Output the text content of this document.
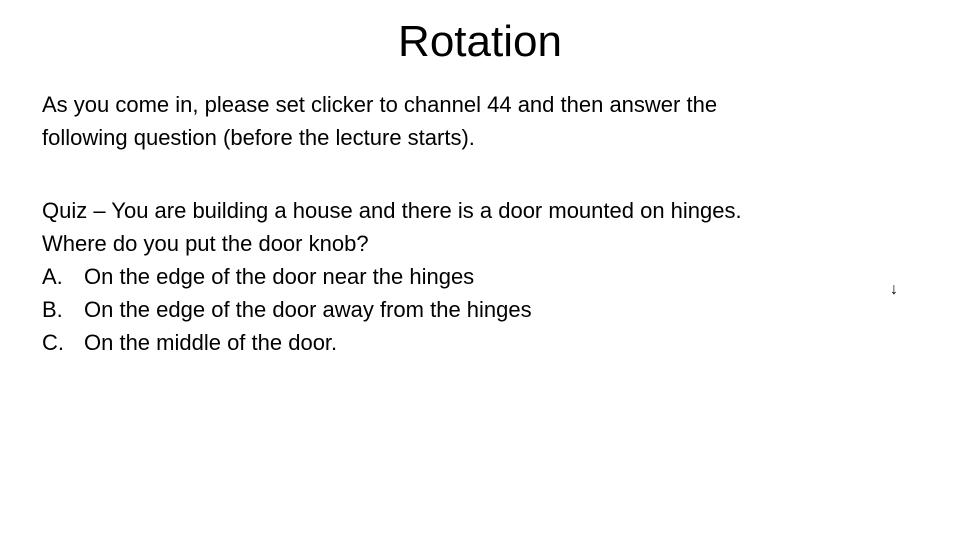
Rotation

As you come in, please set clicker to channel 44 and then answer the
following question (before the lecture starts).

Quiz – You are building a house and there is a door mounted on hinges.
Where do you put the door knob?

A. On the edge of the door near the hinges
B. On the edge of the door away from the hinges
C. On the middle of the door.
↓
